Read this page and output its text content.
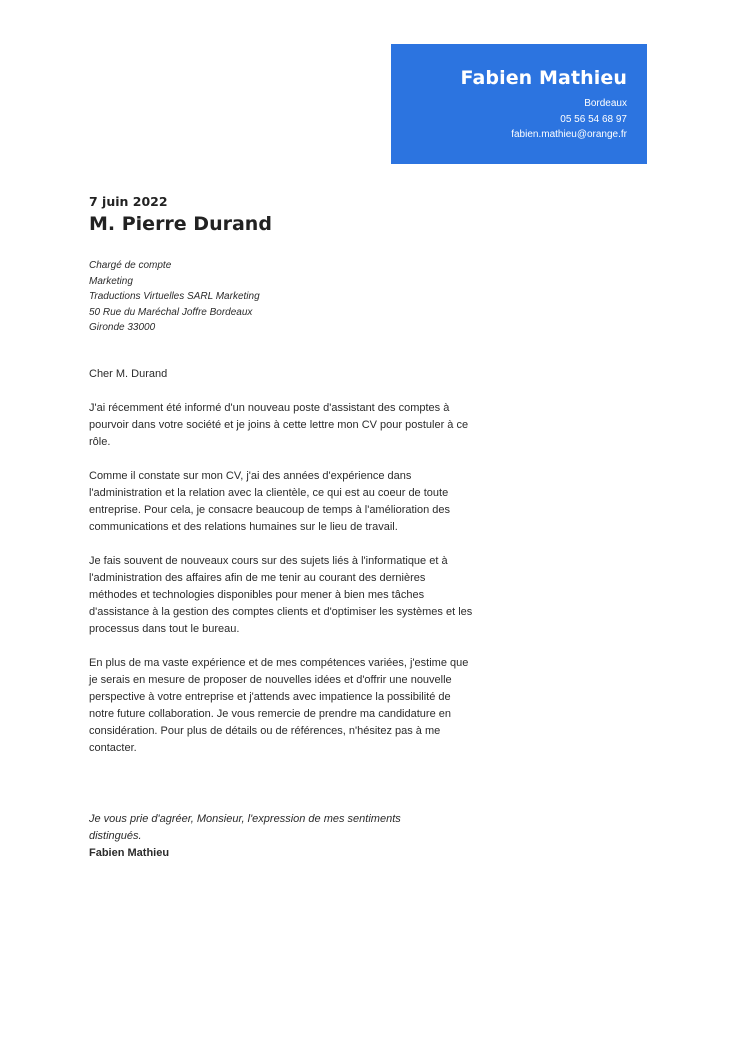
Fabien Mathieu
Bordeaux
05 56 54 68 97
fabien.mathieu@orange.fr
7 juin 2022
M. Pierre Durand
Chargé de compte
Marketing
Traductions Virtuelles SARL Marketing
50 Rue du Maréchal Joffre Bordeaux
Gironde 33000

Cher M. Durand

J'ai récemment été informé d'un nouveau poste d'assistant des comptes à pourvoir dans votre société et je joins à cette lettre mon CV pour postuler à ce rôle.

Comme il constate sur mon CV, j'ai des années d'expérience dans l'administration et la relation avec la clientèle, ce qui est au coeur de toute entreprise. Pour cela, je consacre beaucoup de temps à l'amélioration des communications et des relations humaines sur le lieu de travail.

Je fais souvent de nouveaux cours sur des sujets liés à l'informatique et à l'administration des affaires afin de me tenir au courant des dernières méthodes et technologies disponibles pour mener à bien mes tâches d'assistance à la gestion des comptes clients et d'optimiser les systèmes et les processus dans tout le bureau.

En plus de ma vaste expérience et de mes compétences variées, j'estime que je serais en mesure de proposer de nouvelles idées et d'offrir une nouvelle perspective à votre entreprise et j'attends avec impatience la possibilité de notre future collaboration. Je vous remercie de prendre ma candidature en considération. Pour plus de détails ou de références, n'hésitez pas à me contacter.

Je vous prie d'agréer, Monsieur, l'expression de mes sentiments distingués.
Fabien Mathieu
